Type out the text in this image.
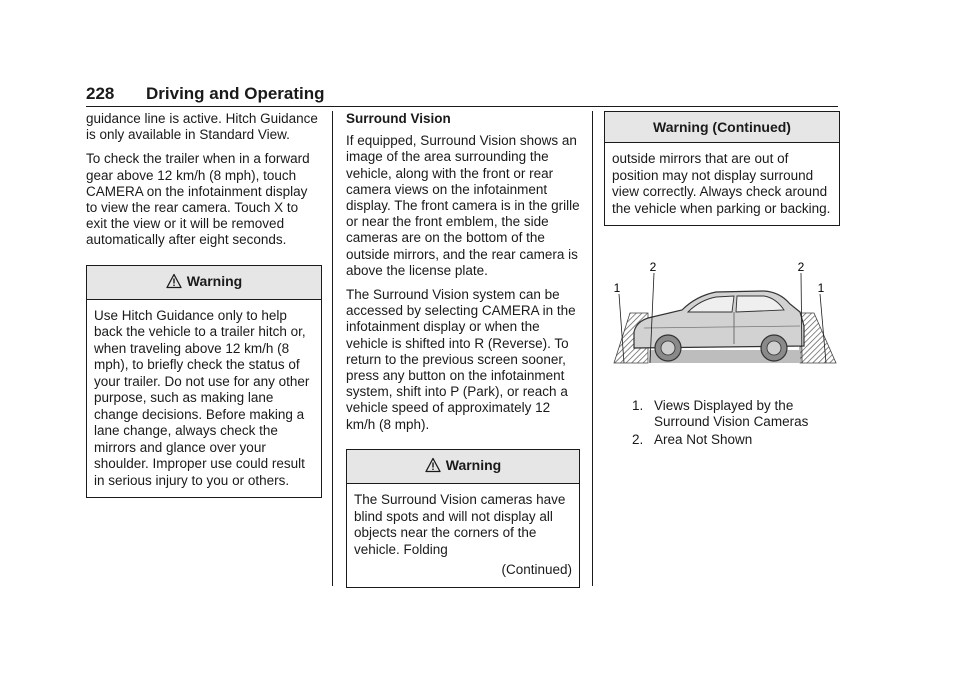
228 Driving and Operating

guidance line is active. Hitch Guidance is only available in Standard View.

To check the trailer when in a forward gear above 12 km/h (8 mph), touch CAMERA on the infotainment display to view the rear camera. Touch X to exit the view or it will be removed automatically after eight seconds.

Warning
Use Hitch Guidance only to help back the vehicle to a trailer hitch or, when traveling above 12 km/h (8 mph), to briefly check the status of your trailer. Do not use for any other purpose, such as making lane change decisions. Before making a lane change, always check the mirrors and glance over your shoulder. Improper use could result in serious injury to you or others.
Surround Vision

If equipped, Surround Vision shows an image of the area surrounding the vehicle, along with the front or rear camera views on the infotainment display. The front camera is in the grille or near the front emblem, the side cameras are on the bottom of the outside mirrors, and the rear camera is above the license plate.

The Surround Vision system can be accessed by selecting CAMERA in the infotainment display or when the vehicle is shifted into R (Reverse). To return to the previous screen sooner, press any button on the infotainment system, shift into P (Park), or reach a vehicle speed of approximately 12 km/h (8 mph).

Warning
The Surround Vision cameras have blind spots and will not display all objects near the corners of the vehicle. Folding
(Continued)
Warning (Continued)
outside mirrors that are out of position may not display surround view correctly. Always check around the vehicle when parking or backing.
1
2	2
1
1. Views Displayed by the Surround Vision Cameras
2. Area Not Shown
